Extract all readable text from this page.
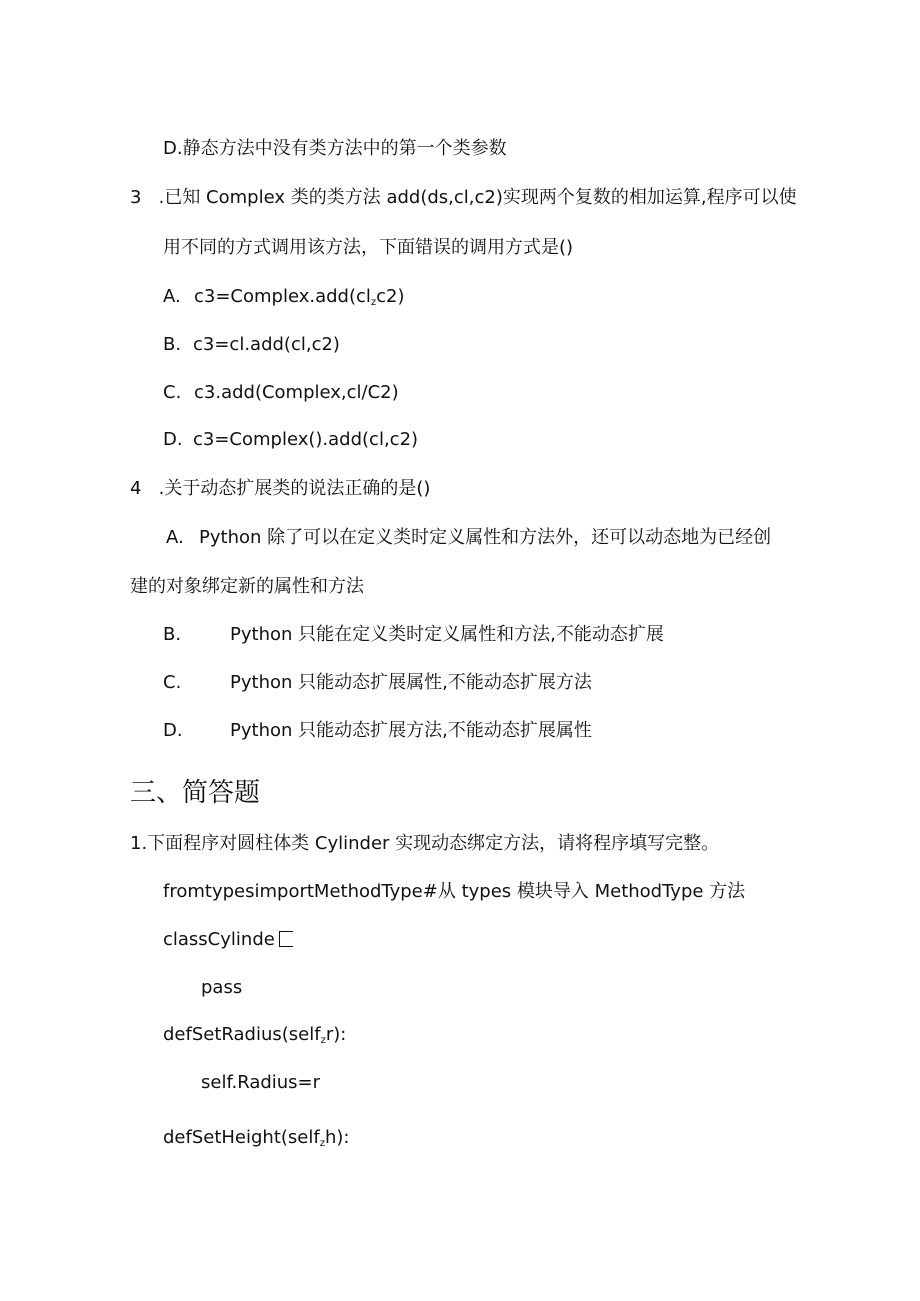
D.静态方法中没有类方法中的第一个类参数
3   .已知 Complex 类的类方法 add(ds,cl,c2)实现两个复数的相加运算,程序可以使
用不同的方式调用该方法，下面错误的调用方式是()
A. c3=Complex.add(clzc2)
B. c3=cl.add(cl,c2)
C. c3.add(Complex,cl∕C2)
D. c3=Complex().add(cl,c2)
4   .关于动态扩展类的说法正确的是()
A. Python 除了可以在定义类时定义属性和方法外，还可以动态地为已经创
建的对象绑定新的属性和方法
B.	Python 只能在定义类时定义属性和方法,不能动态扩展
C.	Python 只能动态扩展属性,不能动态扩展方法
D.	Python 只能动态扩展方法,不能动态扩展属性
三、简答题
1.下面程序对圆柱体类 Cylinder 实现动态绑定方法，请将程序填写完整。
fromtypesimportMethodType#从 types 模块导入 MethodType 方法
classCylinde
pass
defSetRadius(selfzr):
self.Radius=r
defSetHeight(selfzh):
